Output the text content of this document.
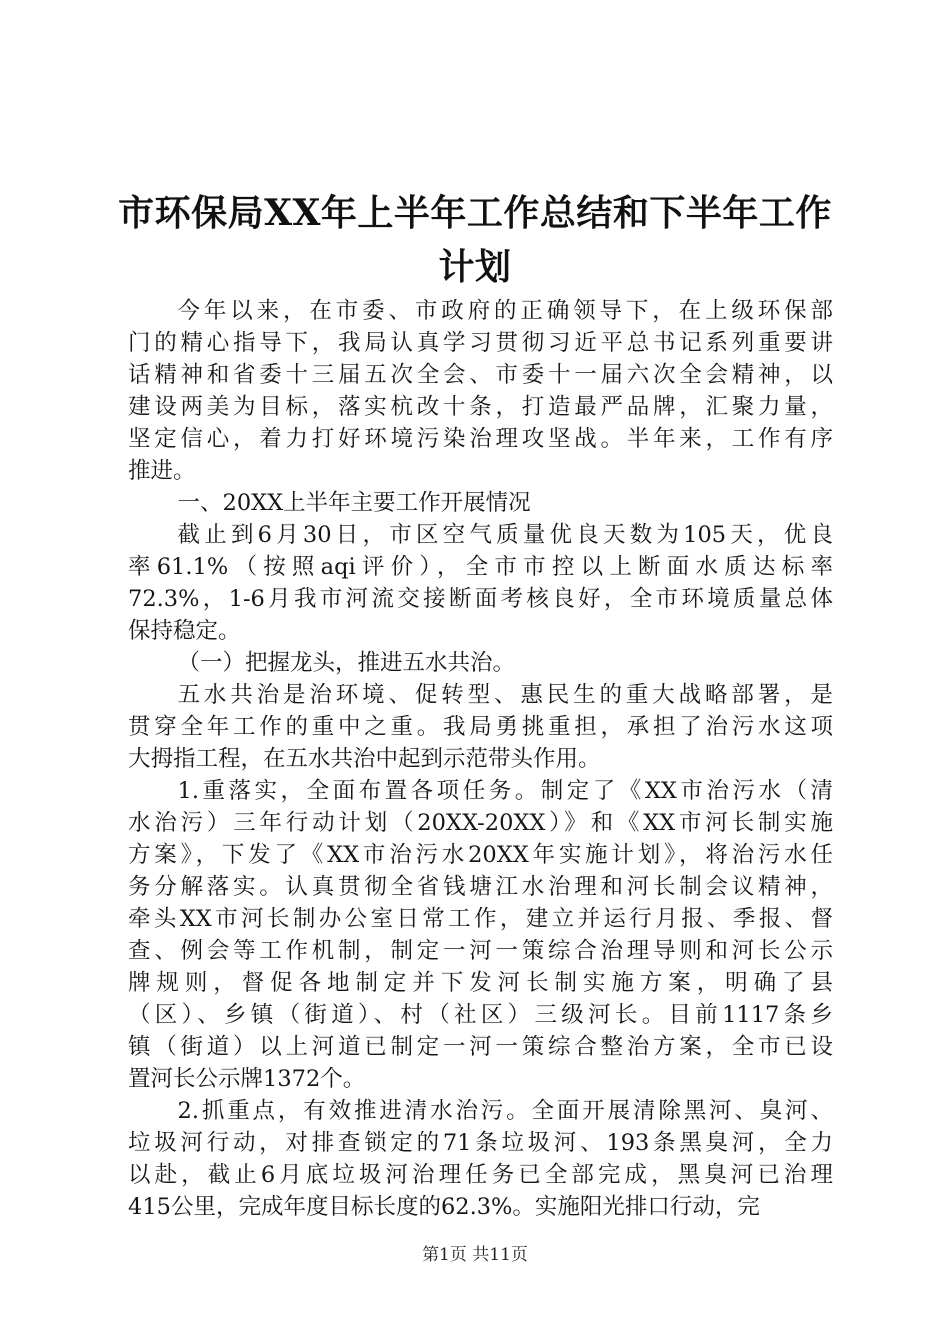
市环保局XX年上半年工作总结和下半年工作
计划
今年以来，在市委、市政府的正确领导下，在上级环保部
门的精心指导下，我局认真学习贯彻习近平总书记系列重要讲
话精神和省委十三届五次全会、市委十一届六次全会精神，以
建设两美为目标，落实杭改十条，打造最严品牌，汇聚力量，
坚定信心，着力打好环境污染治理攻坚战。半年来，工作有序
推进。
一、20XX上半年主要工作开展情况
截止到6月30日，市区空气质量优良天数为105天，优良
率61.1%（按照aqi评价），全市市控以上断面水质达标率
72.3%，1-6月我市河流交接断面考核良好，全市环境质量总体
保持稳定。
（一）把握龙头，推进五水共治。
五水共治是治环境、促转型、惠民生的重大战略部署，是
贯穿全年工作的重中之重。我局勇挑重担，承担了治污水这项
大拇指工程，在五水共治中起到示范带头作用。
1.重落实，全面布置各项任务。制定了《XX市治污水（清
水治污）三年行动计划（20XX-20XX）》和《XX市河长制实施
方案》，下发了《XX市治污水20XX年实施计划》，将治污水任
务分解落实。认真贯彻全省钱塘江水治理和河长制会议精神，
牵头XX市河长制办公室日常工作，建立并运行月报、季报、督
查、例会等工作机制，制定一河一策综合治理导则和河长公示
牌规则，督促各地制定并下发河长制实施方案，明确了县
（区）、乡镇（街道）、村（社区）三级河长。目前1117条乡
镇（街道）以上河道已制定一河一策综合整治方案，全市已设
置河长公示牌1372个。
2.抓重点，有效推进清水治污。全面开展清除黑河、臭河、
垃圾河行动，对排查锁定的71条垃圾河、193条黑臭河，全力
以赴，截止6月底垃圾河治理任务已全部完成，黑臭河已治理
415公里，完成年度目标长度的62.3%。实施阳光排口行动，完
第1页 共11页
